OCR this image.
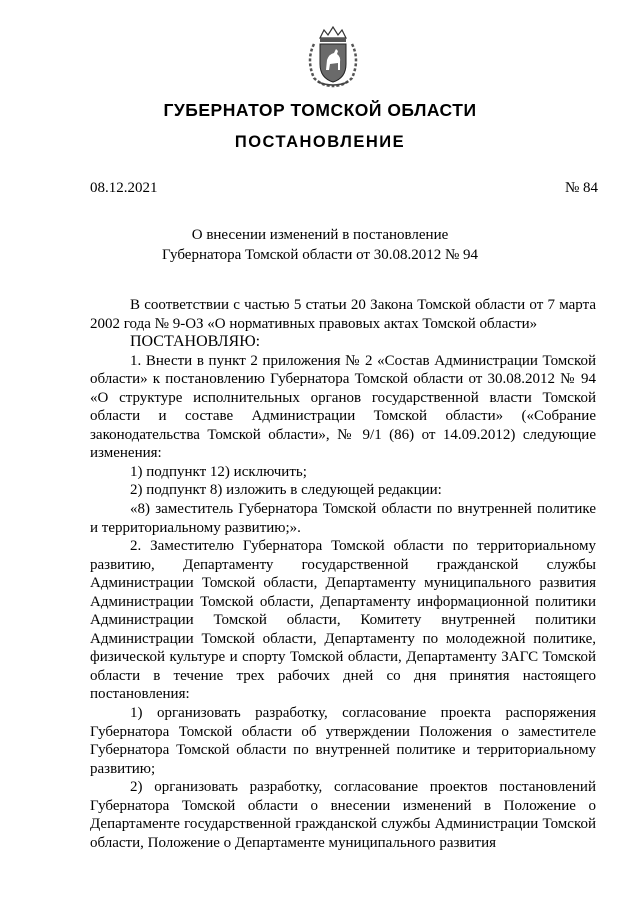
ГУБЕРНАТОР ТОМСКОЙ ОБЛАСТИ
ПОСТАНОВЛЕНИЕ
08.12.2021	№ 84
О внесении изменений в постановление
Губернатора Томской области от 30.08.2012 № 94

В соответствии с частью 5 статьи 20 Закона Томской области от 7 марта 2002 года № 9-ОЗ «О нормативных правовых актах Томской области»

ПОСТАНОВЛЯЮ:

1. Внести в пункт 2 приложения № 2 «Состав Администрации Томской области» к постановлению Губернатора Томской области от 30.08.2012 № 94 «О структуре исполнительных органов государственной власти Томской области и составе Администрации Томской области» («Собрание законодательства Томской области», № 9/1 (86) от 14.09.2012) следующие изменения:

1) подпункт 12) исключить;

2) подпункт 8) изложить в следующей редакции:

«8) заместитель Губернатора Томской области по внутренней политике и территориальному развитию;».

2. Заместителю Губернатора Томской области по территориальному развитию, Департаменту государственной гражданской службы Администрации Томской области, Департаменту муниципального развития Администрации Томской области, Департаменту информационной политики Администрации Томской области, Комитету внутренней политики Администрации Томской области, Департаменту по молодежной политике, физической культуре и спорту Томской области, Департаменту ЗАГС Томской области в течение трех рабочих дней со дня принятия настоящего постановления:

1) организовать разработку, согласование проекта распоряжения Губернатора Томской области об утверждении Положения о заместителе Губернатора Томской области по внутренней политике и территориальному развитию;

2) организовать разработку, согласование проектов постановлений Губернатора Томской области о внесении изменений в Положение о Департаменте государственной гражданской службы Администрации Томской области, Положение о Департаменте муниципального развития
